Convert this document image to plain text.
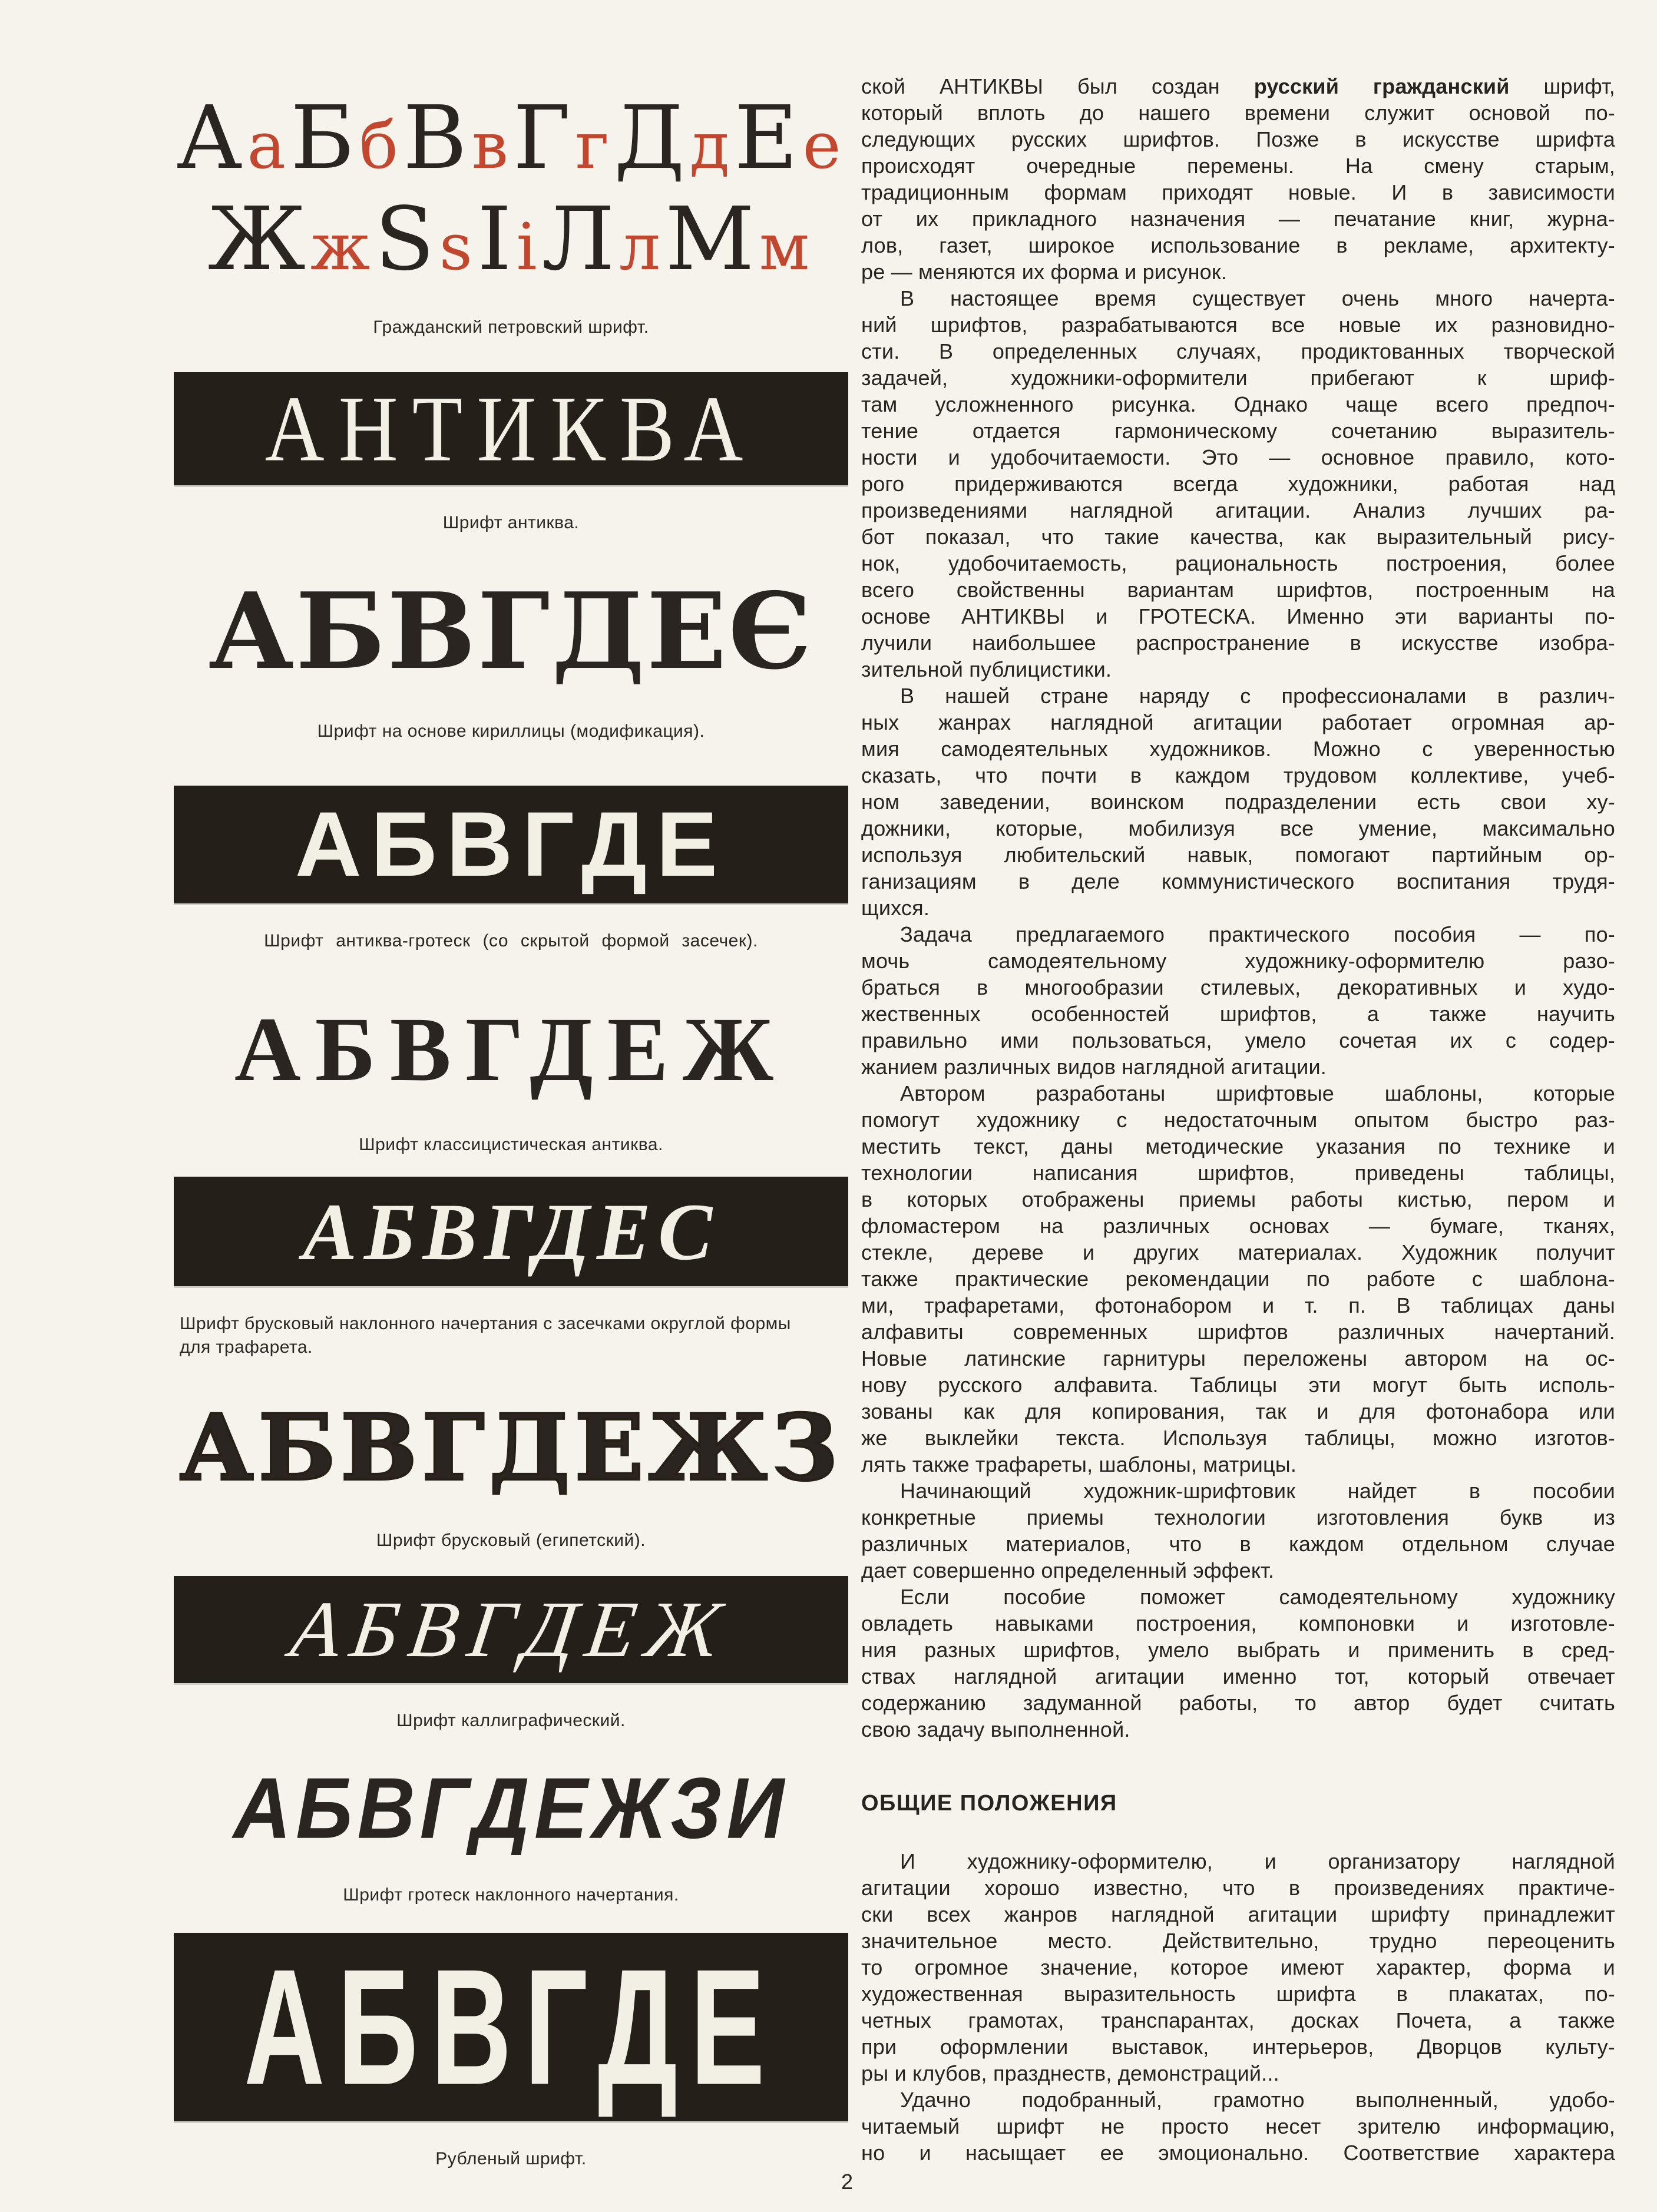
А а Б б В в Г г Д д Е е
Ж ж S s І і Л л М м
Гражданский петровский шрифт.
АНТИКВА
Шрифт антиква.
АБВГДЕЄ
Шрифт на основе кириллицы (модификация).
АБВГДЕ
Шрифт антиква-гротеск (со скрытой формой засечек).
АБВГДЕЖ
Шрифт классицистическая антиква.
АБВГДЕС
Шрифт брусковый наклонного начертания с засечками округлой формы для трафарета.
АБВГДЕЖЗ
Шрифт брусковый (египетский).
АБВГДЕЖ
Шрифт каллиграфический.
АБВГДЕЖЗИ
Шрифт гротеск наклонного начертания.
АБВГДЕ
Рубленый шрифт.
ской АНТИКВЫ был создан русский гражданский шрифт,
который вплоть до нашего времени служит основой по-
следующих русских шрифтов. Позже в искусстве шрифта
происходят очередные перемены. На смену старым,
традиционным формам приходят новые. И в зависимости
от их прикладного назначения — печатание книг, журна-
лов, газет, широкое использование в рекламе, архитекту-
ре — меняются их форма и рисунок.
В настоящее время существует очень много начерта-
ний шрифтов, разрабатываются все новые их разновидно-
сти. В определенных случаях, продиктованных творческой
задачей, художники-оформители прибегают к шриф-
там усложненного рисунка. Однако чаще всего предпоч-
тение отдается гармоническому сочетанию выразитель-
ности и удобочитаемости. Это — основное правило, кото-
рого придерживаются всегда художники, работая над
произведениями наглядной агитации. Анализ лучших ра-
бот показал, что такие качества, как выразительный рису-
нок, удобочитаемость, рациональность построения, более
всего свойственны вариантам шрифтов, построенным на
основе АНТИКВЫ и ГРОТЕСКА. Именно эти варианты по-
лучили наибольшее распространение в искусстве изобра-
зительной публицистики.
В нашей стране наряду с профессионалами в различ-
ных жанрах наглядной агитации работает огромная ар-
мия самодеятельных художников. Можно с уверенностью
сказать, что почти в каждом трудовом коллективе, учеб-
ном заведении, воинском подразделении есть свои ху-
дожники, которые, мобилизуя все умение, максимально
используя любительский навык, помогают партийным ор-
ганизациям в деле коммунистического воспитания трудя-
щихся.
Задача предлагаемого практического пособия — по-
мочь самодеятельному художнику-оформителю разо-
браться в многообразии стилевых, декоративных и худо-
жественных особенностей шрифтов, а также научить
правильно ими пользоваться, умело сочетая их с содер-
жанием различных видов наглядной агитации.
Автором разработаны шрифтовые шаблоны, которые
помогут художнику с недостаточным опытом быстро раз-
местить текст, даны методические указания по технике и
технологии написания шрифтов, приведены таблицы,
в которых отображены приемы работы кистью, пером и
фломастером на различных основах — бумаге, тканях,
стекле, дереве и других материалах. Художник получит
также практические рекомендации по работе с шаблона-
ми, трафаретами, фотонабором и т. п. В таблицах даны
алфавиты современных шрифтов различных начертаний.
Новые латинские гарнитуры переложены автором на ос-
нову русского алфавита. Таблицы эти могут быть исполь-
зованы как для копирования, так и для фотонабора или
же выклейки текста. Используя таблицы, можно изготов-
лять также трафареты, шаблоны, матрицы.
Начинающий художник-шрифтовик найдет в пособии
конкретные приемы технологии изготовления букв из
различных материалов, что в каждом отдельном случае
дает совершенно определенный эффект.
Если пособие поможет самодеятельному художнику
овладеть навыками построения, компоновки и изготовле-
ния разных шрифтов, умело выбрать и применить в сред-
ствах наглядной агитации именно тот, который отвечает
содержанию задуманной работы, то автор будет считать
свою задачу выполненной.
ОБЩИЕ ПОЛОЖЕНИЯ
И художнику-оформителю, и организатору наглядной
агитации хорошо известно, что в произведениях практиче-
ски всех жанров наглядной агитации шрифту принадлежит
значительное место. Действительно, трудно переоценить
то огромное значение, которое имеют характер, форма и
художественная выразительность шрифта в плакатах, по-
четных грамотах, транспарантах, досках Почета, а также
при оформлении выставок, интерьеров, Дворцов культу-
ры и клубов, празднеств, демонстраций...
Удачно подобранный, грамотно выполненный, удобо-
читаемый шрифт не просто несет зрителю информацию,
но и насыщает ее эмоционально. Соответствие характера
2
